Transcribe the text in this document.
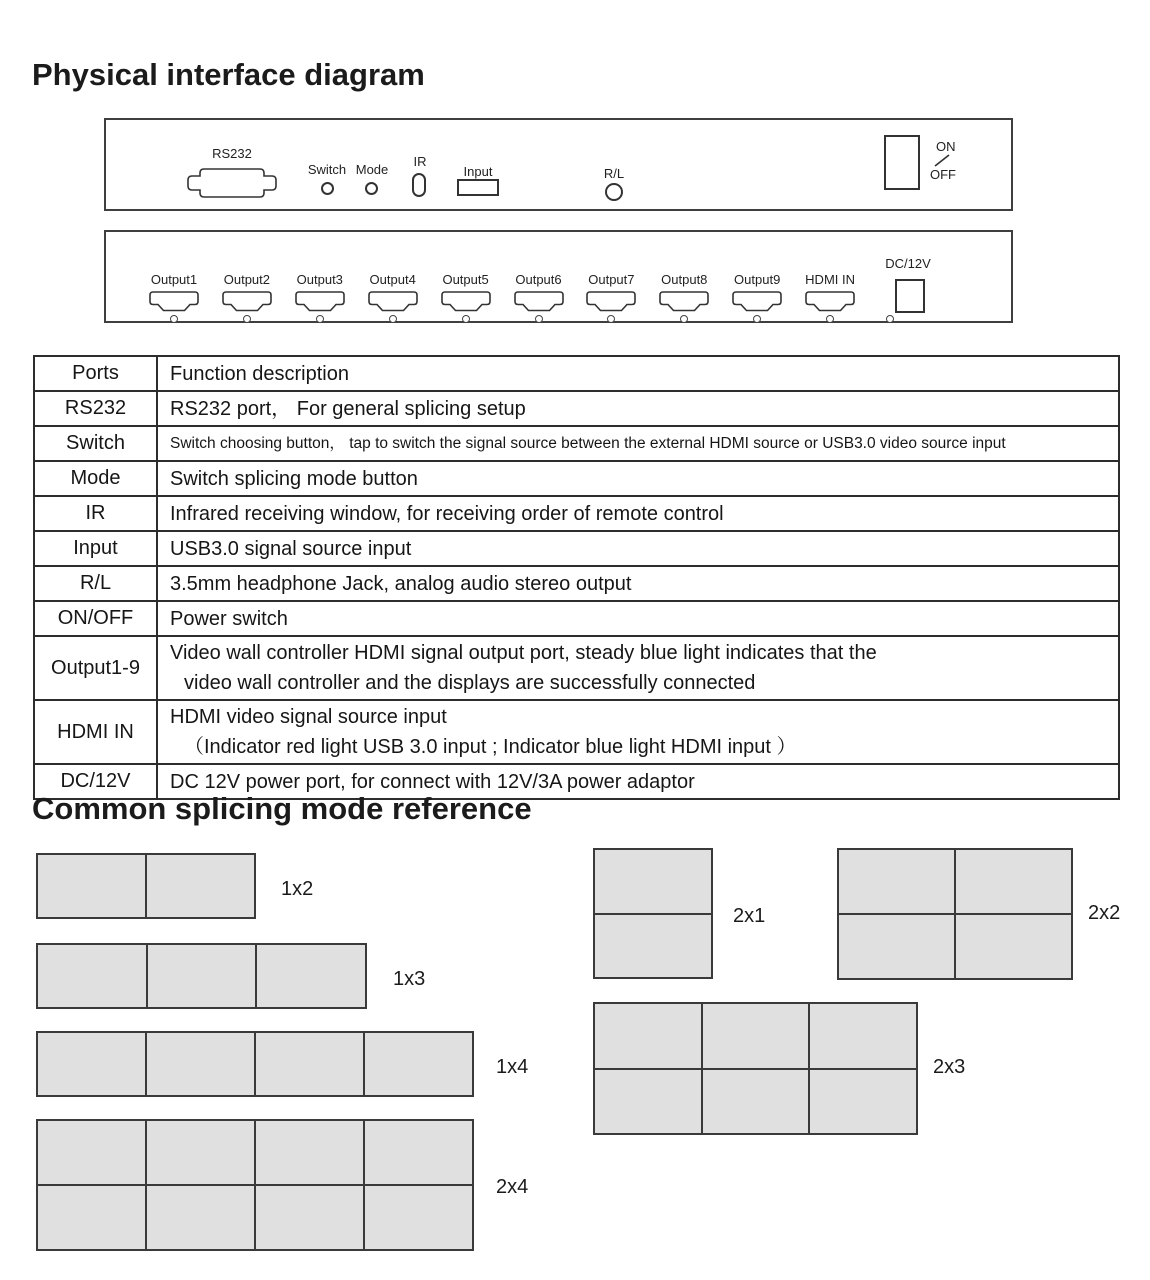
Physical interface diagram
RS232
Switch Mode
IR
Input	R/L
ON
OFF
Output1	Output2	Output3	Output4	Output5	Output6	Output7	Output8	Output9	HDMI IN
DC/12V
Ports	Function description
RS232	RS232 port， For general splicing setup

Switch	Switch choosing button， tap to switch the signal source between the external HDMI source or USB3.0 video source input

Mode	Switch splicing mode button

IR	Infrared receiving window, for receiving order of remote control

Input	USB3.0 signal source input

R/L	3.5mm headphone Jack, analog audio stereo output

ON/OFF	Power switch

Output1-9	Video wall controller HDMI signal output port, steady blue light indicates that the
video wall controller and the displays are successfully connected

HDMI IN	HDMI video signal source input
（Indicator red light USB 3.0 input ; Indicator blue light HDMI input ）

DC/12V	DC 12V power port, for connect with 12V/3A power adaptor
Common splicing mode reference
1x2
1x3
1x4
2x4
2x1	2x2
2x3
